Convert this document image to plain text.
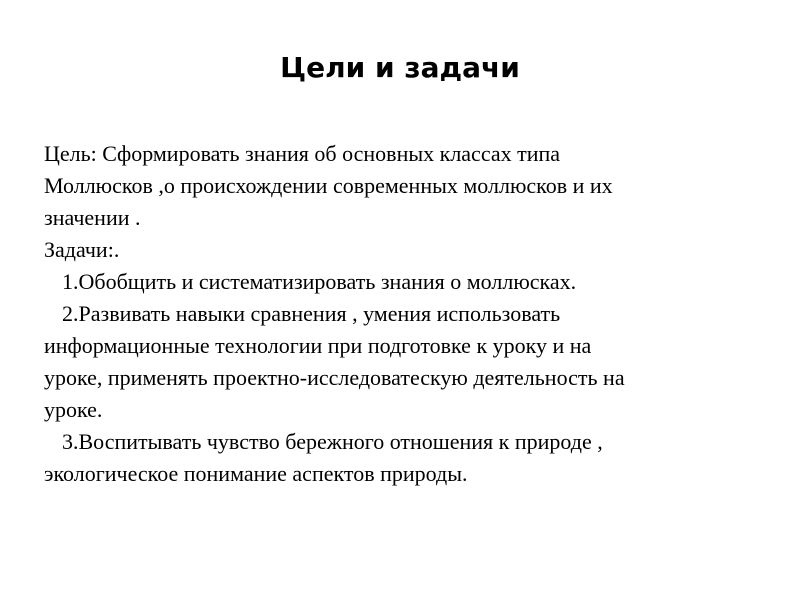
Цели и задачи

Цель: Сформировать знания об основных классах типа
Моллюсков ,о происхождении современных моллюсков и их
значении .

Задачи:.

1.Обобщить и систематизировать знания о моллюсках.

2.Развивать навыки сравнения , умения использовать

информационные технологии при подготовке к уроку и на
уроке, применять проектно-исследоватескую деятельность на
уроке.

3.Воспитывать чувство бережного отношения к природе ,

экологическое понимание аспектов природы.
